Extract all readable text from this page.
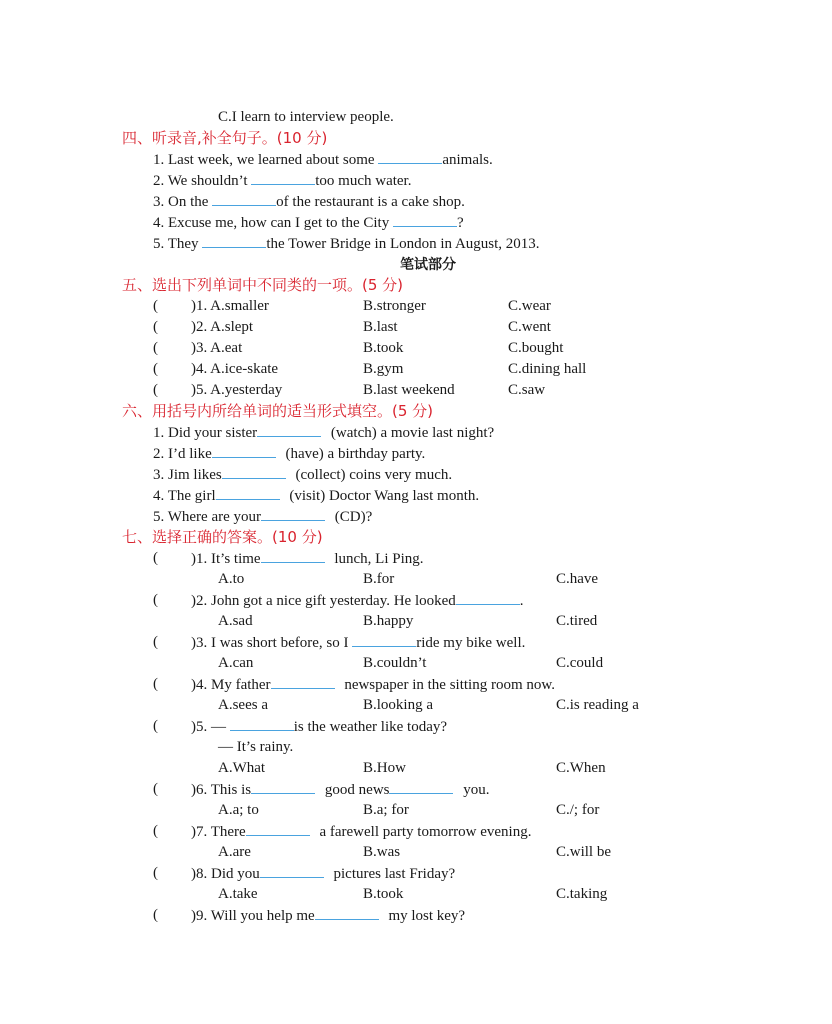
C.I learn to interview people.
四、听录音,补全句子。(10 分)
1. Last week, we learned about some	animals.
2. We shouldn’t	too much water.
3. On the	of the restaurant is a cake shop.
4. Excuse me, how can I get to the City	?
5. They	the Tower Bridge in London in August, 2013.
笔试部分
五、选出下列单词中不同类的一项。(5 分)
( )1. A.smaller	B.stronger	C.wear
( )2. A.slept	B.last	C.went
( )3. A.eat	B.took	C.bought
( )4. A.ice-skate	B.gym	C.dining hall
( )5. A.yesterday	B.last weekend	C.saw
六、用括号内所给单词的适当形式填空。(5 分)
1. Did your sister	(watch) a movie last night?
2. I’d like	(have) a birthday party.
3. Jim likes	(collect) coins very much.
4. The girl	(visit) Doctor Wang last month.
5. Where are your	(CD)?
七、选择正确的答案。(10 分)
( )1. It’s time	lunch, Li Ping.
A.to	B.for	C.have
( )2. John got a nice gift yesterday. He looked	.
A.sad	B.happy	C.tired
( )3. I was short before, so I	ride my bike well.
A.can	B.couldn’t	C.could
( )4. My father	newspaper in the sitting room now.
A.sees a	B.looking a	C.is reading a
( )5. —	is the weather like today?
— It’s rainy.
A.What	B.How	C.When
( )6. This is	good news	you.
A.a; to	B.a; for	C./; for
( )7. There	a farewell party tomorrow evening.
A.are	B.was	C.will be
( )8. Did you	pictures last Friday?
A.take	B.took	C.taking
( )9. Will you help me	my lost key?
